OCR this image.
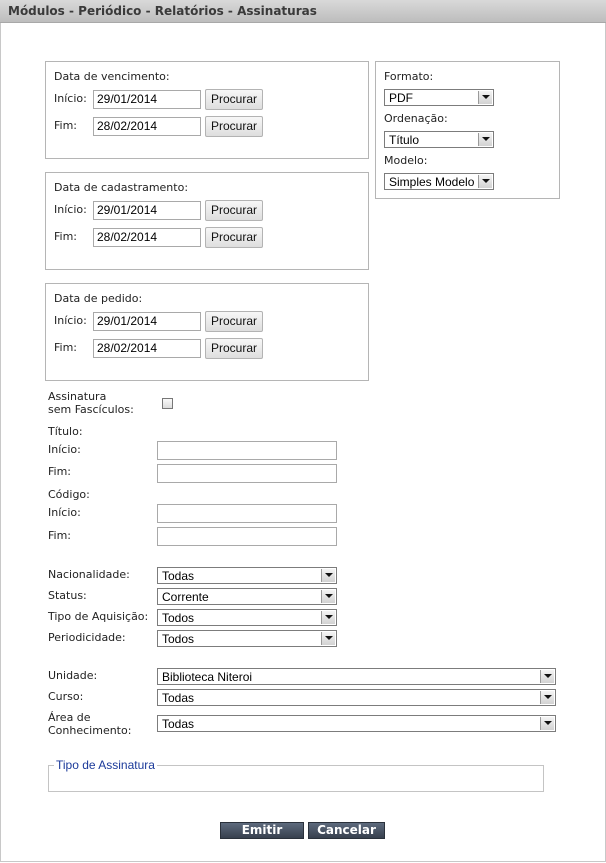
Módulos - Periódico - Relatórios - Assinaturas
Data de vencimento:
Início: 29/01/2014	Procurar
Fim:	28/02/2014	Procurar
Data de cadastramento:
Início: 29/01/2014	Procurar
Fim:	28/02/2014	Procurar
Data de pedido:
Início: 29/01/2014	Procurar
Fim:	28/02/2014	Procurar
Formato:
PDF
Ordenação:
Título
Modelo:
Simples Modelo
Assinatura
sem Fascículos:
Título:
Início:
Fim:
Código:
Início:
Fim:
Nacionalidade:	Todas
Status:	Corrente
Tipo de Aquisição: Todos
Periodicidade:	Todos
Unidade:	Biblioteca Niteroi
Curso:	Todas
Área de
Conhecimento:	Todas
Tipo de Assinatura
Emitir	Cancelar
